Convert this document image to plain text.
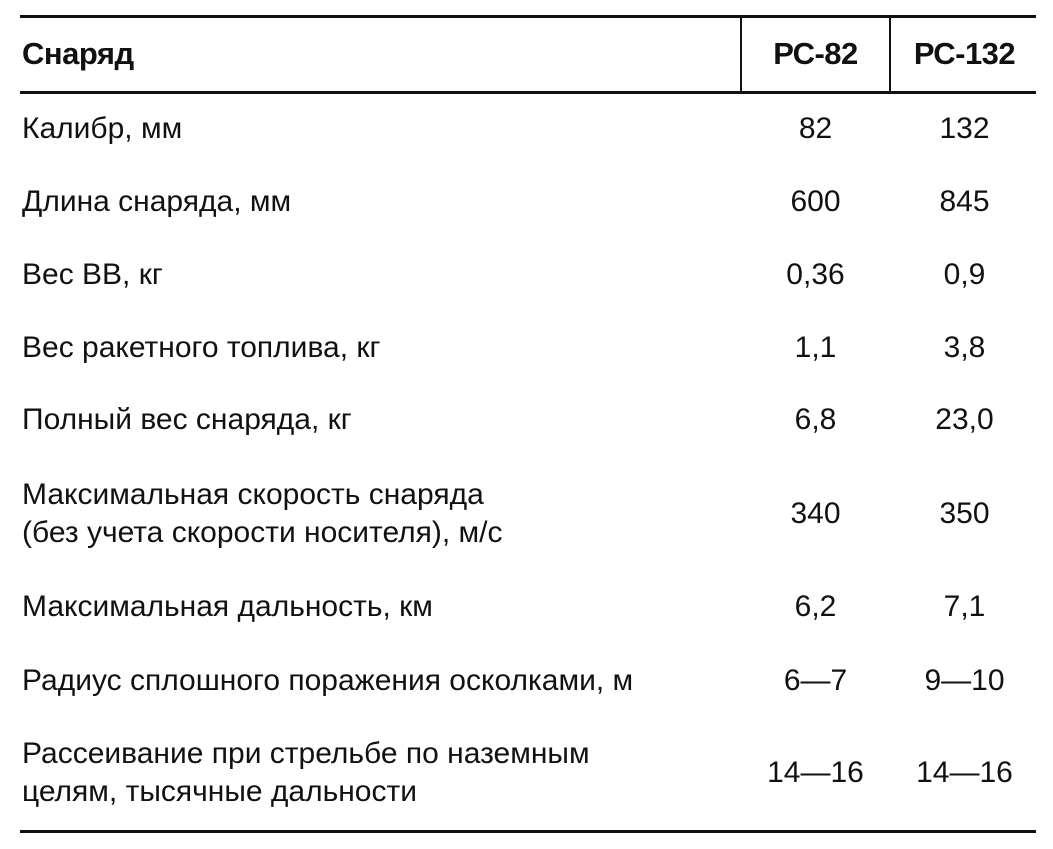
Снаряд	РС-82	РС-132
Калибр, мм	82	132
Длина снаряда, мм	600	845
Вес ВВ, кг	0,36	0,9
Вес ракетного топлива, кг	1,1	3,8
Полный вес снаряда, кг	6,8	23,0
Максимальная скорость снаряда
(без учета скорости носителя), м/с
340	350
Максимальная дальность, км	6,2	7,1
Радиус сплошного поражения осколками, м	6—7	9—10
Рассеивание при стрельбе по наземным
целям, тысячные дальности
14—16	14—16
